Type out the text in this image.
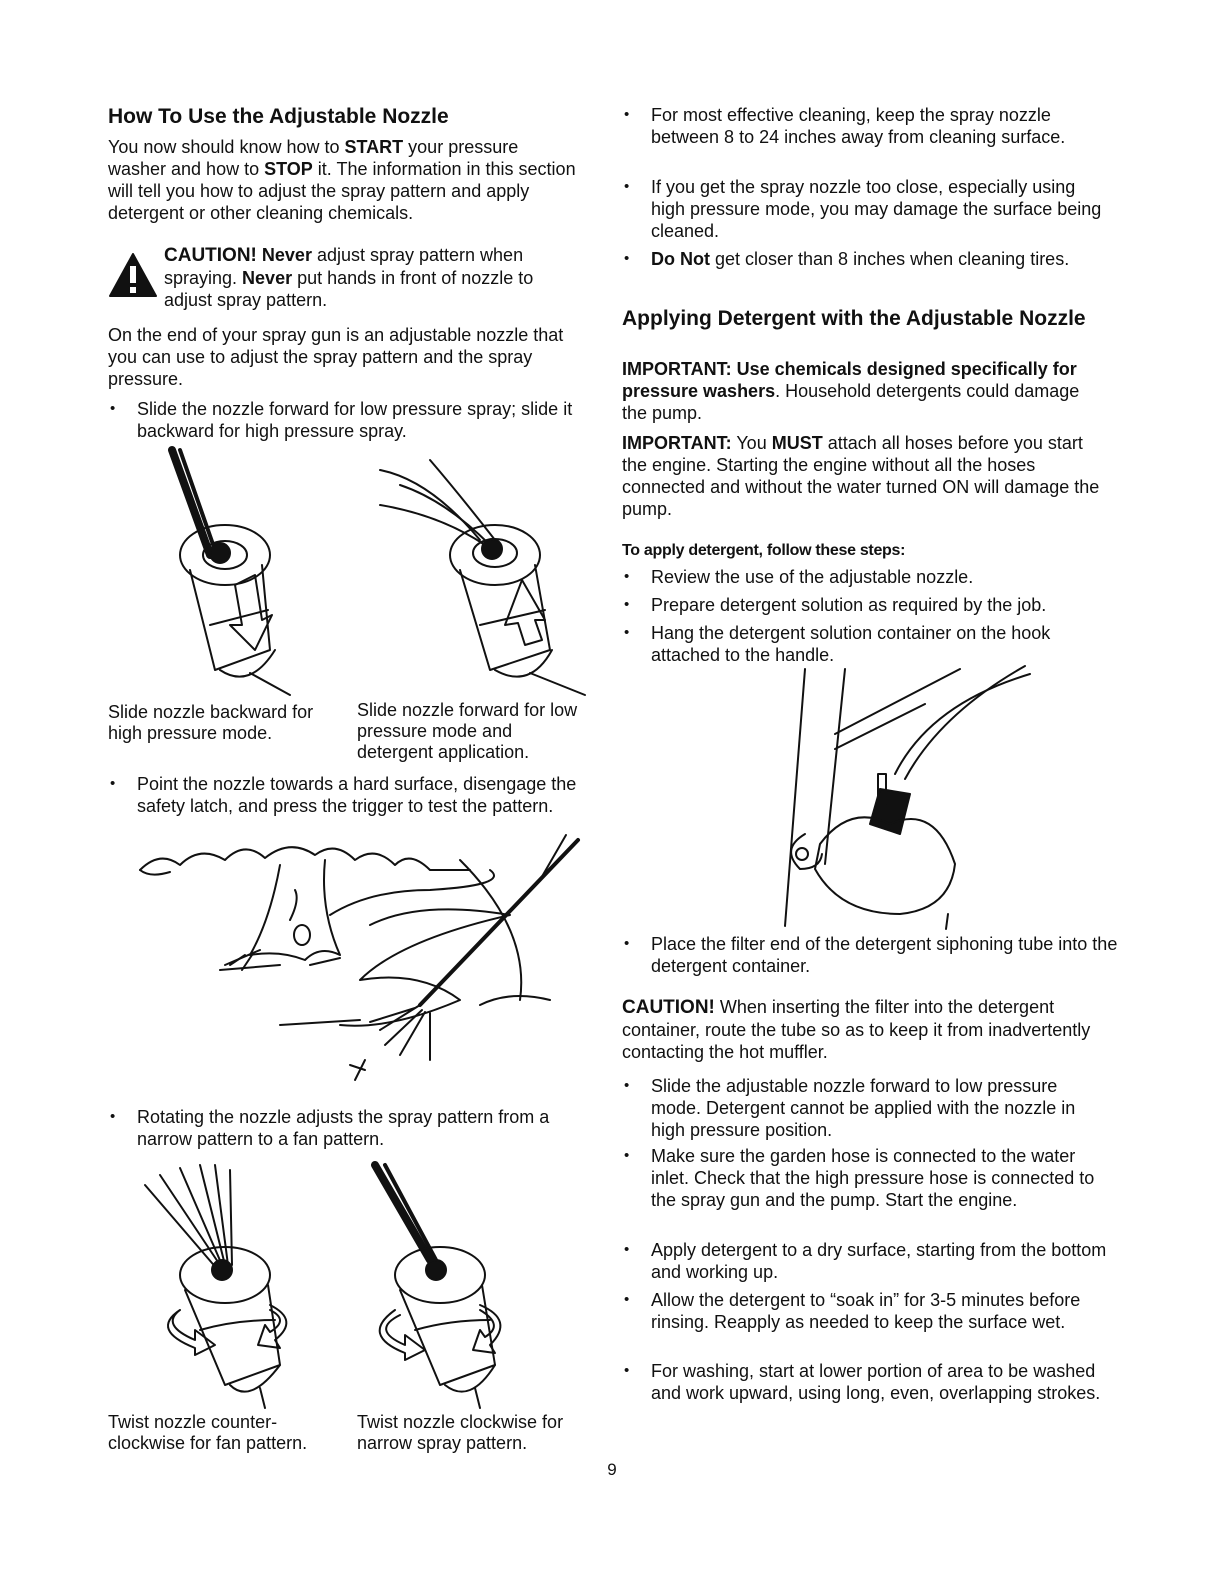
How To Use the Adjustable Nozzle

You now should know how to START your pressure washer and how to STOP it. The information in this section will tell you how to adjust the spray pattern and apply detergent or other cleaning chemicals.

CAUTION! Never adjust spray pattern when spraying. Never put hands in front of nozzle to adjust spray pattern.

On the end of your spray gun is an adjustable nozzle that you can use to adjust the spray pattern and the spray pressure.

• Slide the nozzle forward for low pressure spray; slide it backward for high pressure spray.
Slide nozzle backward for high pressure mode.
Slide nozzle forward for low pressure mode and detergent application.
• Point the nozzle towards a hard surface, disengage the safety latch, and press the trigger to test the pattern.
• Rotating the nozzle adjusts the spray pattern from a narrow pattern to a fan pattern.
Twist nozzle counter-clockwise for fan pattern.
Twist nozzle clockwise for narrow spray pattern.
• For most effective cleaning, keep the spray nozzle between 8 to 24 inches away from cleaning surface.
• If you get the spray nozzle too close, especially using high pressure mode, you may damage the surface being cleaned.
• Do Not get closer than 8 inches when cleaning tires.
Applying Detergent with the Adjustable Nozzle

IMPORTANT: Use chemicals designed specifically for pressure washers. Household detergents could damage the pump.

IMPORTANT: You MUST attach all hoses before you start the engine. Starting the engine without all the hoses connected and without the water turned ON will damage the pump.

To apply detergent, follow these steps:

• Review the use of the adjustable nozzle.
• Prepare detergent solution as required by the job.
• Hang the detergent solution container on the hook attached to the handle.
• Place the filter end of the detergent siphoning tube into the detergent container.

CAUTION! When inserting the filter into the detergent container, route the tube so as to keep it from inadvertently contacting the hot muffler.

• Slide the adjustable nozzle forward to low pressure mode. Detergent cannot be applied with the nozzle in high pressure position.
• Make sure the garden hose is connected to the water inlet. Check that the high pressure hose is connected to the spray gun and the pump. Start the engine.
• Apply detergent to a dry surface, starting from the bottom and working up.
• Allow the detergent to “soak in” for 3-5 minutes before rinsing. Reapply as needed to keep the surface wet.
• For washing, start at lower portion of area to be washed and work upward, using long, even, overlapping strokes.
9
